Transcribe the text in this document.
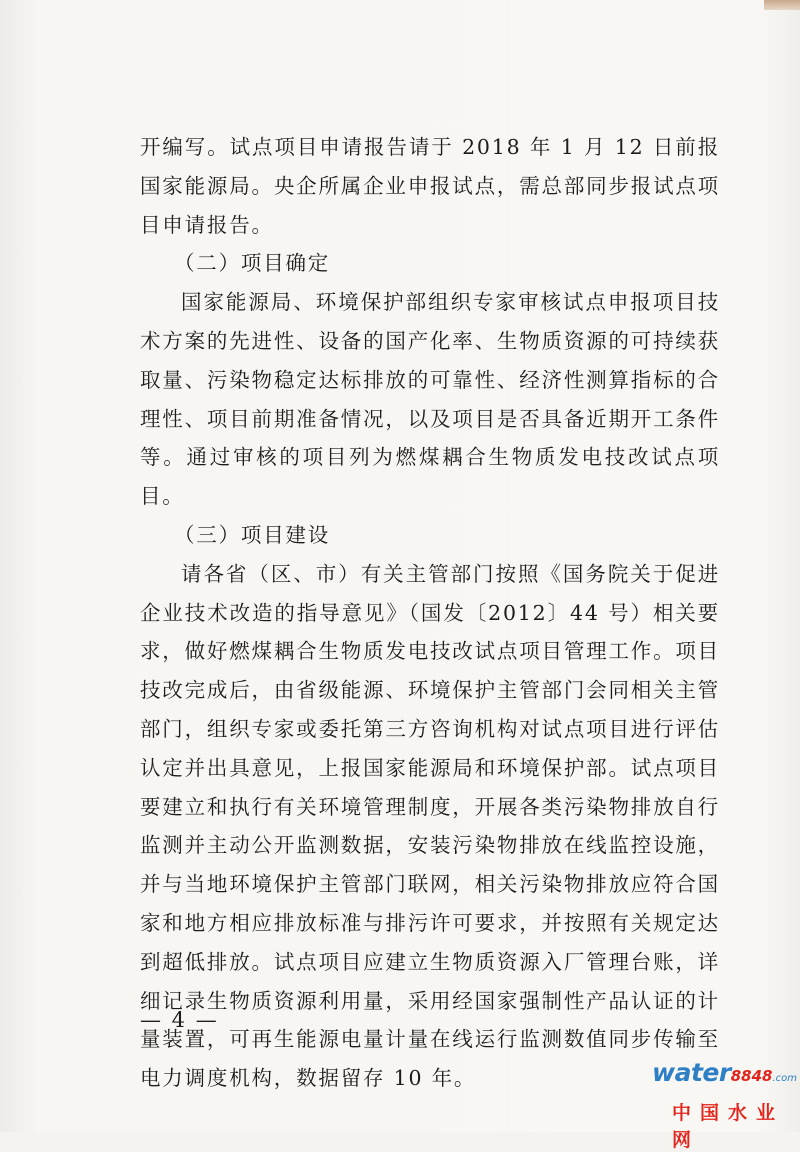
开编写。试点项目申请报告请于 2018 年 1 月 12 日前报国家能源局。央企所属企业申报试点，需总部同步报试点项目申请报告。

（二）项目确定

国家能源局、环境保护部组织专家审核试点申报项目技术方案的先进性、设备的国产化率、生物质资源的可持续获取量、污染物稳定达标排放的可靠性、经济性测算指标的合理性、项目前期准备情况，以及项目是否具备近期开工条件等。通过审核的项目列为燃煤耦合生物质发电技改试点项目。

（三）项目建设

请各省（区、市）有关主管部门按照《国务院关于促进企业技术改造的指导意见》（国发〔2012〕44 号）相关要求，做好燃煤耦合生物质发电技改试点项目管理工作。项目技改完成后，由省级能源、环境保护主管部门会同相关主管部门，组织专家或委托第三方咨询机构对试点项目进行评估认定并出具意见，上报国家能源局和环境保护部。试点项目要建立和执行有关环境管理制度，开展各类污染物排放自行监测并主动公开监测数据，安装污染物排放在线监控设施，并与当地环境保护主管部门联网，相关污染物排放应符合国家和地方相应排放标准与排污许可要求，并按照有关规定达到超低排放。试点项目应建立生物质资源入厂管理台账，详细记录生物质资源利用量，采用经国家强制性产品认证的计量装置，可再生能源电量计量在线运行监测数值同步传输至电力调度机构，数据留存 10 年。

— 4 —
water8848.com
中国水业网
